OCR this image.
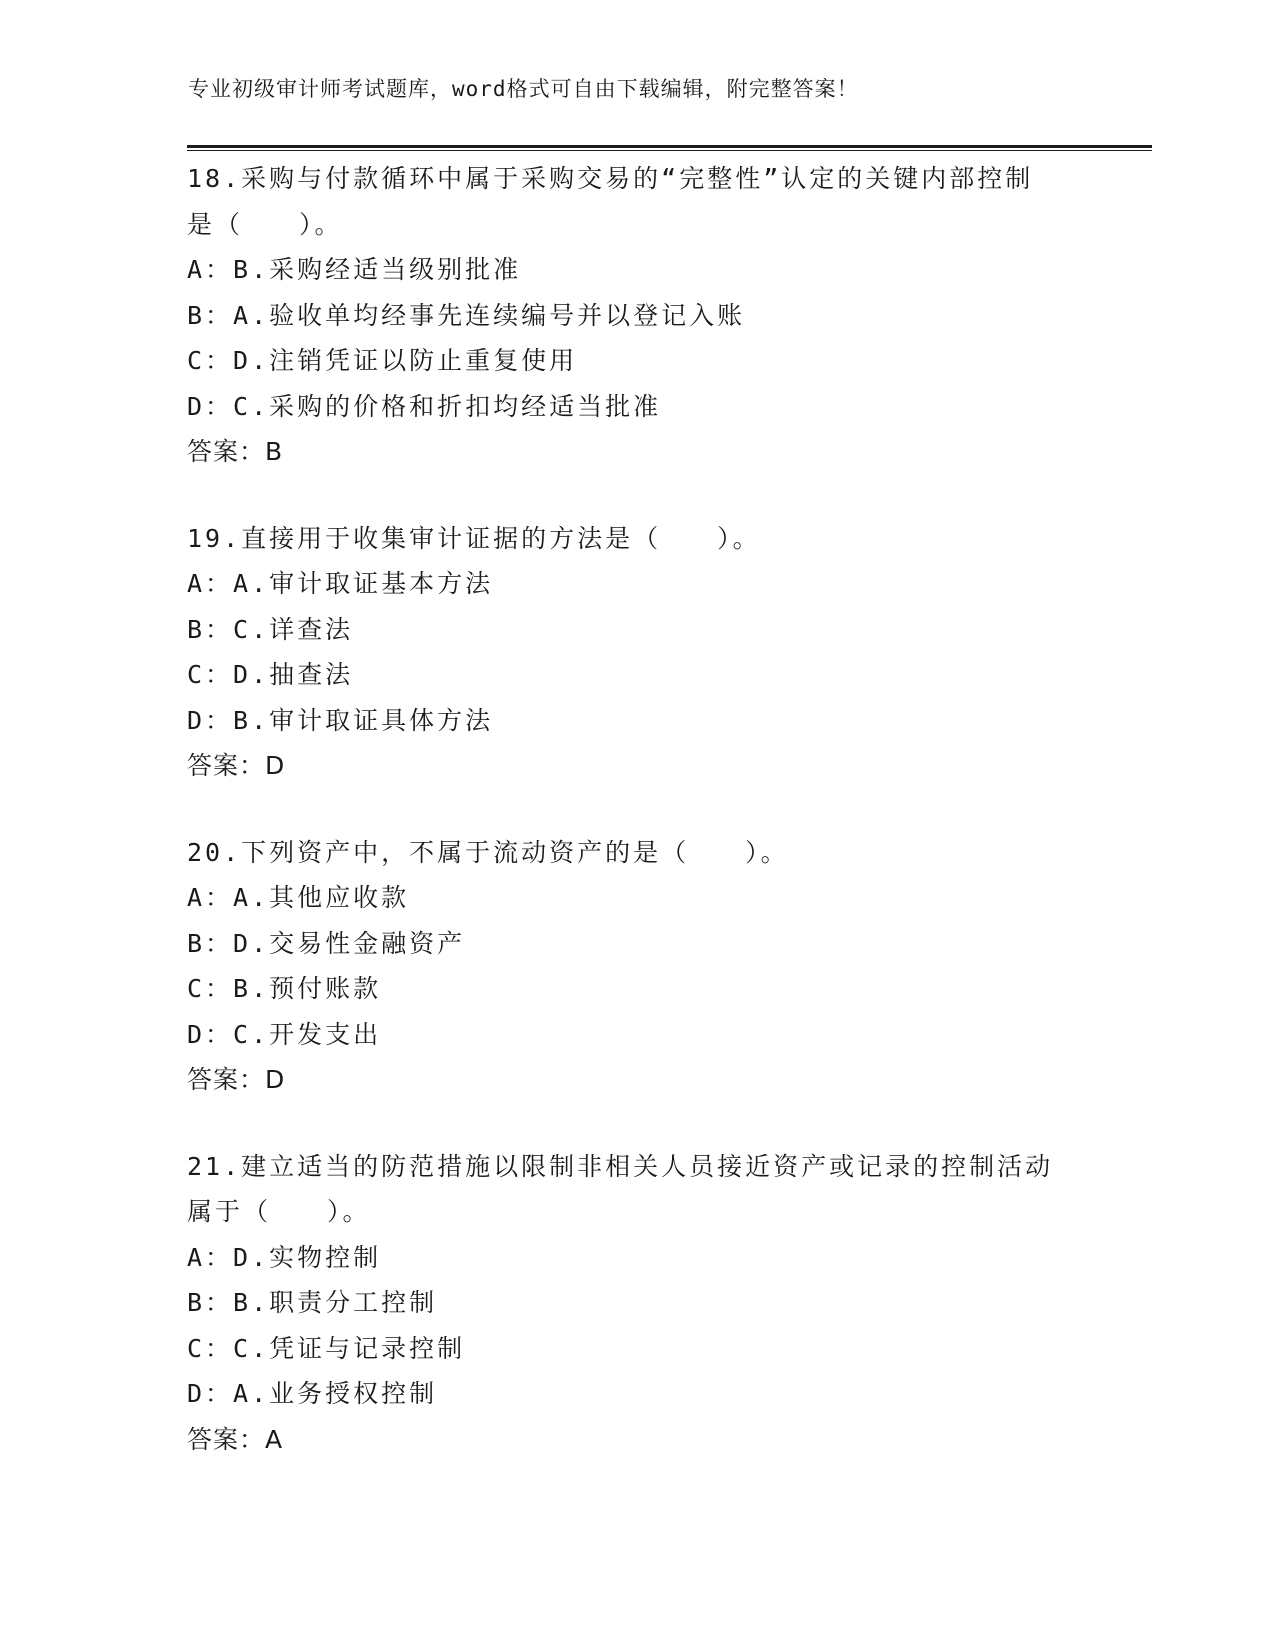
专业初级审计师考试题库，word格式可自由下载编辑，附完整答案！
18.采购与付款循环中属于采购交易的“完整性”认定的关键内部控制
是（　　）。
A：B.采购经适当级别批准
B：A.验收单均经事先连续编号并以登记入账
C：D.注销凭证以防止重复使用
D：C.采购的价格和折扣均经适当批准
答案：B
19.直接用于收集审计证据的方法是（　　）。
A：A.审计取证基本方法
B：C.详查法
C：D.抽查法
D：B.审计取证具体方法
答案：D
20.下列资产中，不属于流动资产的是（　　）。
A：A.其他应收款
B：D.交易性金融资产
C：B.预付账款
D：C.开发支出
答案：D
21.建立适当的防范措施以限制非相关人员接近资产或记录的控制活动
属于（　　）。
A：D.实物控制
B：B.职责分工控制
C：C.凭证与记录控制
D：A.业务授权控制
答案：A
